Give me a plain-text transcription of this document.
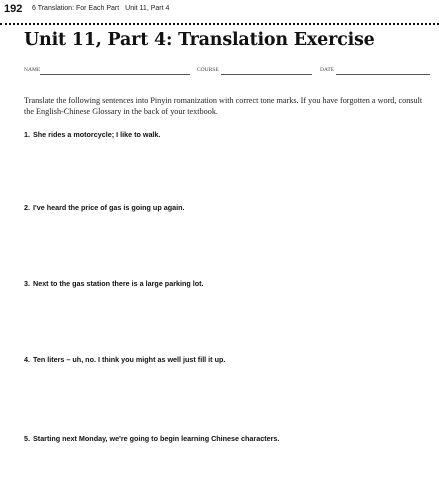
192 6 Translation: For Each Part Unit 11, Part 4
Unit 11, Part 4: Translation Exercise
NAME	COURSE	DATE
Translate the following sentences into Pinyin romanization with correct tone marks. If you have forgotten a word, consult the English-Chinese Glossary in the back of your textbook.
1. She rides a motorcycle; I like to walk.
2. I've heard the price of gas is going up again.
3. Next to the gas station there is a large parking lot.
4. Ten liters – uh, no. I think you might as well just fill it up.
5. Starting next Monday, we're going to begin learning Chinese characters.
